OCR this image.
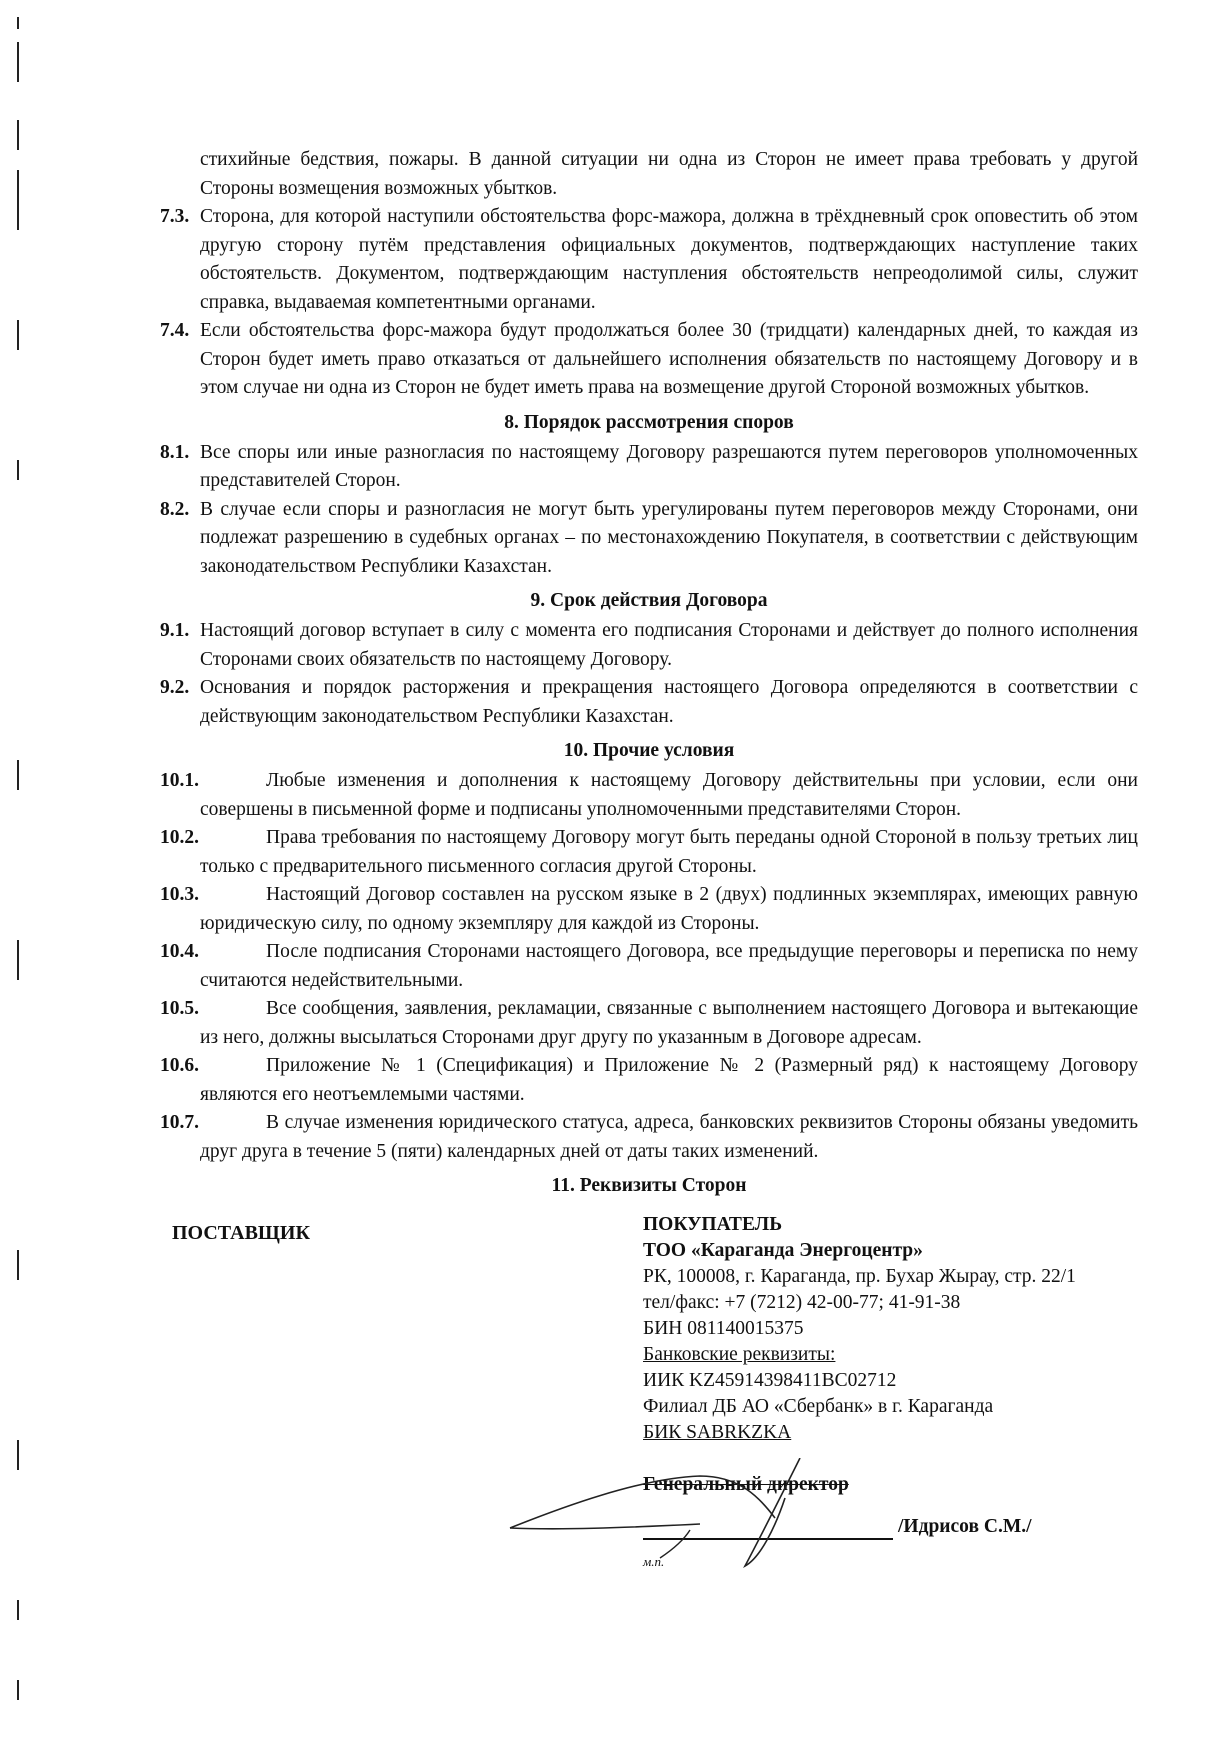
стихийные бедствия, пожары. В данной ситуации ни одна из Сторон не имеет права требовать у другой Стороны возмещения возможных убытков.

7.3. Сторона, для которой наступили обстоятельства форс-мажора, должна в трёхдневный срок оповестить об этом другую сторону путём представления официальных документов, подтверждающих наступление таких обстоятельств. Документом, подтверждающим наступления обстоятельств непреодолимой силы, служит справка, выдаваемая компетентными органами.
7.4. Если обстоятельства форс-мажора будут продолжаться более 30 (тридцати) календарных дней, то каждая из Сторон будет иметь право отказаться от дальнейшего исполнения обязательств по настоящему Договору и в этом случае ни одна из Сторон не будет иметь права на возмещение другой Стороной возможных убытков.
8. Порядок рассмотрения споров
8.1. Все споры или иные разногласия по настоящему Договору разрешаются путем переговоров уполномоченных представителей Сторон.
8.2. В случае если споры и разногласия не могут быть урегулированы путем переговоров между Сторонами, они подлежат разрешению в судебных органах – по местонахождению Покупателя, в соответствии с действующим законодательством Республики Казахстан.
9. Срок действия Договора
9.1. Настоящий договор вступает в силу с момента его подписания Сторонами и действует до полного исполнения Сторонами своих обязательств по настоящему Договору.
9.2. Основания и порядок расторжения и прекращения настоящего Договора определяются в соответствии с действующим законодательством Республики Казахстан.
10. Прочие условия
10.1.	Любые изменения и дополнения к настоящему Договору действительны при условии, если они совершены в письменной форме и подписаны уполномоченными представителями Сторон.
10.2.	Права требования по настоящему Договору могут быть переданы одной Стороной в пользу третьих лиц только с предварительного письменного согласия другой Стороны.
10.3.	Настоящий Договор составлен на русском языке в 2 (двух) подлинных экземплярах, имеющих равную юридическую силу, по одному экземпляру для каждой из Стороны.
10.4.	После подписания Сторонами настоящего Договора, все предыдущие переговоры и переписка по нему считаются недействительными.
10.5.	Все сообщения, заявления, рекламации, связанные с выполнением настоящего Договора и вытекающие из него, должны высылаться Сторонами друг другу по указанным в Договоре адресам.
10.6.	Приложение № 1 (Спецификация) и Приложение № 2 (Размерный ряд) к настоящему Договору являются его неотъемлемыми частями.
10.7.	В случае изменения юридического статуса, адреса, банковских реквизитов Стороны обязаны уведомить друг друга в течение 5 (пяти) календарных дней от даты таких изменений.
11. Реквизиты Сторон
ПОСТАВЩИК	ПОКУПАТЕЛЬ
ТОО «Караганда Энергоцентр»
РК, 100008, г. Караганда, пр. Бухар Жырау, стр. 22/1
тел/факс: +7 (7212) 42-00-77; 41-91-38
БИН 081140015375
Банковские реквизиты:
ИИК KZ45914398411BC02712
Филиал ДБ АО «Сбербанк» в г. Караганда
БИК SABRKZKA
Генеральный директор
/Идрисов С.М./
м.п.
